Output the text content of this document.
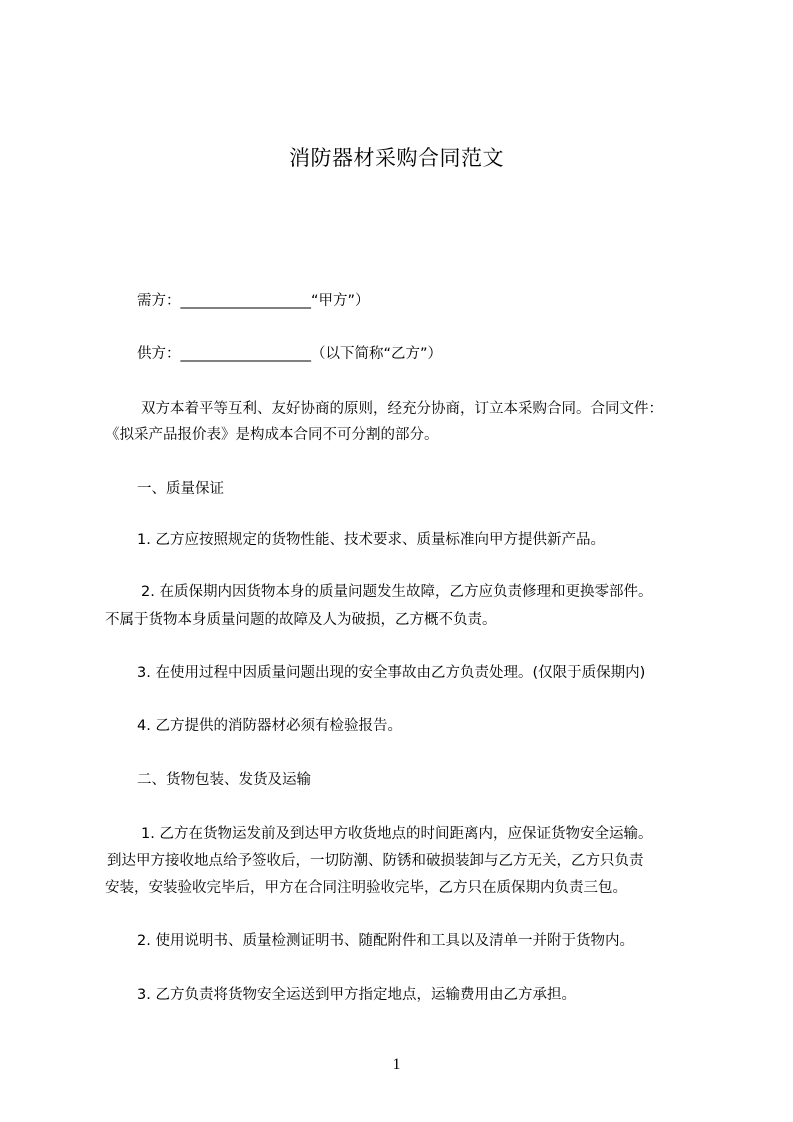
消防器材采购合同范文
需方：__________________“甲方”）
供方：__________________（以下简称“乙方”）
双方本着平等互利、友好协商的原则，经充分协商，订立本采购合同。合同文件：
《拟采产品报价表》是构成本合同不可分割的部分。
一、质量保证
1. 乙方应按照规定的货物性能、技术要求、质量标准向甲方提供新产品。
2. 在质保期内因货物本身的质量问题发生故障，乙方应负责修理和更换零部件。
不属于货物本身质量问题的故障及人为破损，乙方概不负责。
3. 在使用过程中因质量问题出现的安全事故由乙方负责处理。(仅限于质保期内)
4. 乙方提供的消防器材必须有检验报告。
二、货物包装、发货及运输
1. 乙方在货物运发前及到达甲方收货地点的时间距离内，应保证货物安全运输。
到达甲方接收地点给予签收后，一切防潮、防锈和破损装卸与乙方无关，乙方只负责
安装，安装验收完毕后，甲方在合同注明验收完毕，乙方只在质保期内负责三包。
2. 使用说明书、质量检测证明书、随配附件和工具以及清单一并附于货物内。
3. 乙方负责将货物安全运送到甲方指定地点，运输费用由乙方承担。
1
